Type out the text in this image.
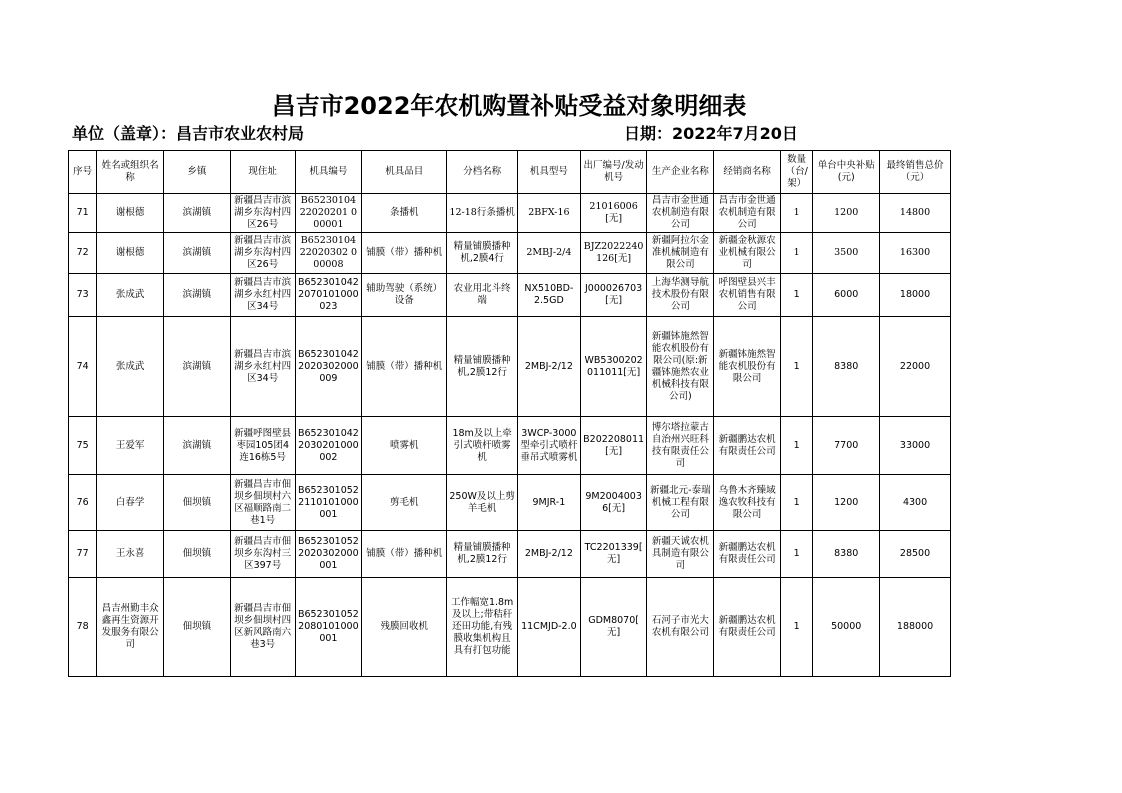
昌吉市2022年农机购置补贴受益对象明细表
单位（盖章）：昌吉市农业农村局	日期：2022年7月20日
序号	姓名或组织名称	乡镇	现住址	机具编号	机具品目	分档名称	机具型号	出厂编号/发动机号	生产企业名称	经销商名称	数量（台/架）	单台中央补贴(元)	最终销售总价（元）
71	谢根德	滨湖镇	新疆昌吉市滨湖乡东沟村四区26号	B65230104 22020201 000001	条播机	12-18行条播机	2BFX-16	21016006 [无]	昌吉市金世通农机制造有限公司	昌吉市金世通农机制造有限公司	1	1200	14800
72	谢根德	滨湖镇	新疆昌吉市滨湖乡东沟村四区26号	B65230104 22020302 000008	铺膜（带）播种机	精量铺膜播种机,2膜4行	2MBJ-2/4	BJZ2022240126[无]	新疆阿拉尔金准机械制造有限公司	新疆金秋源农业机械有限公司	1	3500	16300
73	张成武	滨湖镇	新疆昌吉市滨湖乡永红村四区34号	B652301042 2070101000 023	辅助驾驶（系统）设备	农业用北斗终端	NX510BD-2.5GD	J000026703 [无]	上海华测导航技术股份有限公司	呼图壁县兴丰农机销售有限公司	1	6000	18000
74	张成武	滨湖镇	新疆昌吉市滨湖乡永红村四区34号	B652301042 2020302000 009	铺膜（带）播种机	精量铺膜播种机,2膜12行	2MBJ-2/12	WB5300202 011011[无]	新疆钵施然智能农机股份有限公司(原:新疆钵施然农业机械科技有限公司)	新疆钵施然智能农机股份有限公司	1	8380	22000
75	王爱军	滨湖镇	新疆呼图壁县枣园105团4连16栋5号	B652301042 2030201000 002	喷雾机	18m及以上牵引式喷杆喷雾机	3WCP-3000型牵引式喷杆垂吊式喷雾机	B202208011 [无]	博尔塔拉蒙古自治州兴旺科技有限责任公司	新疆鹏达农机有限责任公司	1	7700	33000
76	白春学	佃坝镇	新疆昌吉市佃坝乡佃坝村六区福顺路南二巷1号	B652301052 2110101000 001	剪毛机	250W及以上剪羊毛机	9MJR-1	9M2004003 6[无]	新疆北元-泰瑞机械工程有限公司	乌鲁木齐臻域逸农牧科技有限公司	1	1200	4300
77	王永喜	佃坝镇	新疆昌吉市佃坝乡东沟村三区397号	B652301052 2020302000 001	铺膜（带）播种机	精量铺膜播种机,2膜12行	2MBJ-2/12	TC2201339[ 无]	新疆天诚农机具制造有限公司	新疆鹏达农机有限责任公司	1	8380	28500
78	昌吉州勤丰众鑫再生资源开发服务有限公司	佃坝镇	新疆昌吉市佃坝乡佃坝村四区新风路南六巷3号	B652301052 2080101000 001	残膜回收机	工作幅宽1.8m及以上;带秸秆还田功能,有残膜收集机构且具有打包功能	11CMJD-2.0	GDM8070[ 无]	石河子市光大农机有限公司	新疆鹏达农机有限责任公司	1	50000	188000
